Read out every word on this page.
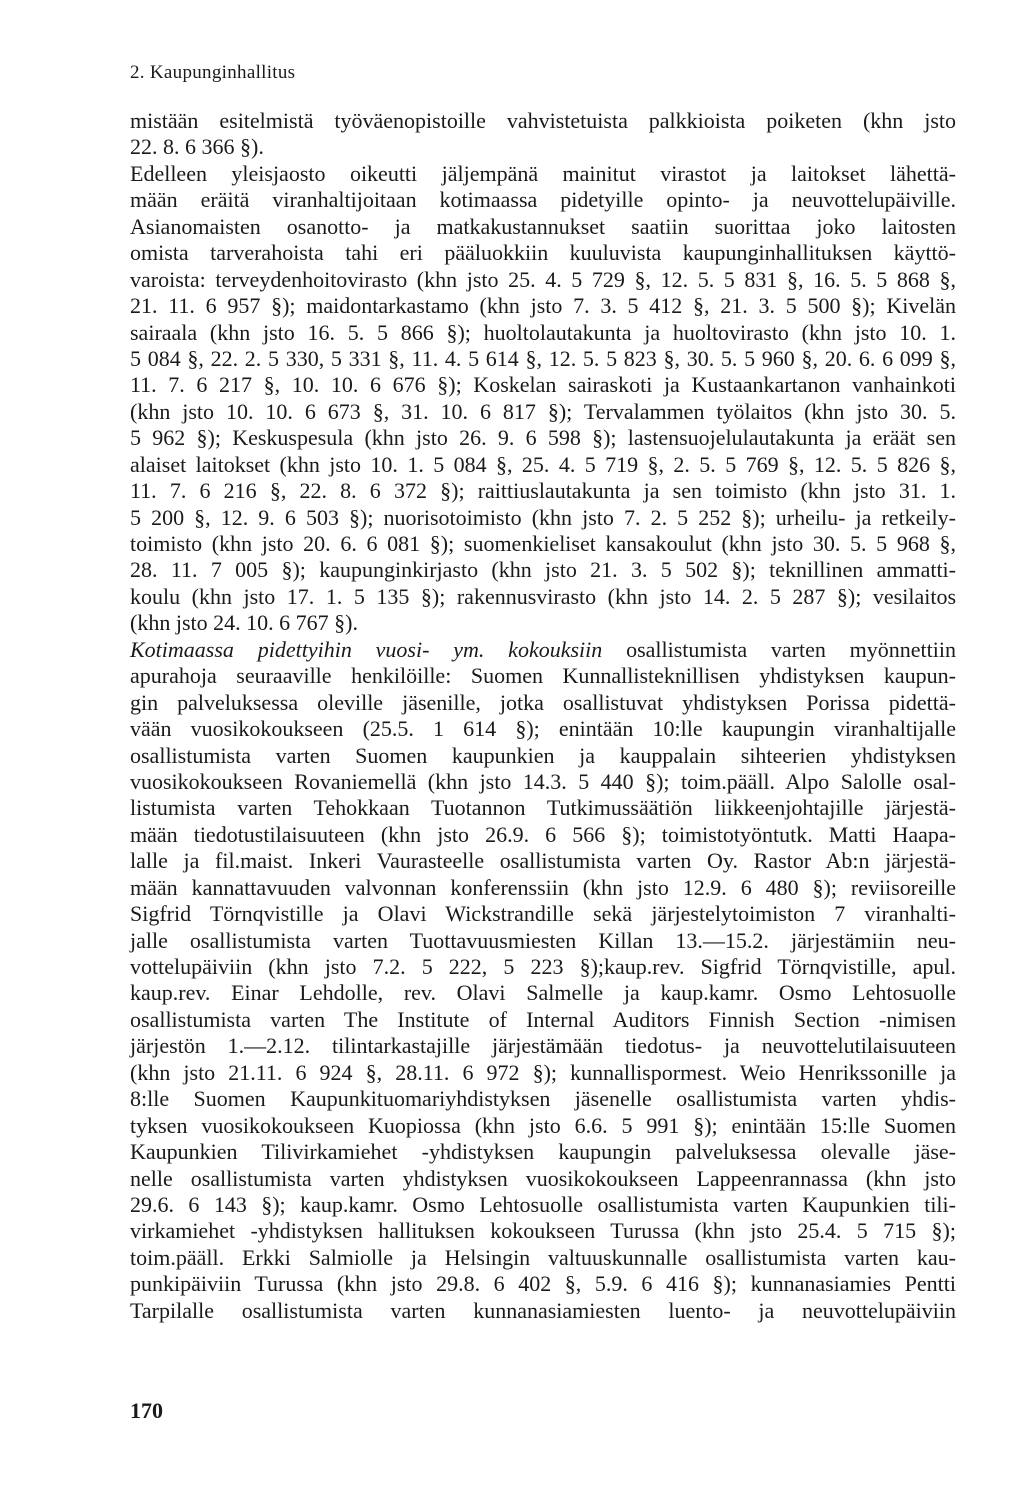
2. Kaupunginhallitus
mistään esitelmistä työväenopistoille vahvistetuista palkkioista poiketen (khn jsto
22. 8. 6 366 §).
Edelleen yleisjaosto oikeutti jäljempänä mainitut virastot ja laitokset lähettä-
mään eräitä viranhaltijoitaan kotimaassa pidetyille opinto- ja neuvottelupäiville.
Asianomaisten osanotto- ja matkakustannukset saatiin suorittaa joko laitosten
omista tarverahoista tahi eri pääluokkiin kuuluvista kaupunginhallituksen käyttö-
varoista: terveydenhoitovirasto (khn jsto 25. 4. 5 729 §, 12. 5. 5 831 §, 16. 5. 5 868 §,
21. 11. 6 957 §); maidontarkastamo (khn jsto 7. 3. 5 412 §, 21. 3. 5 500 §); Kivelän
sairaala (khn jsto 16. 5. 5 866 §); huoltolautakunta ja huoltovirasto (khn jsto 10. 1.
5 084 §, 22. 2. 5 330, 5 331 §, 11. 4. 5 614 §, 12. 5. 5 823 §, 30. 5. 5 960 §, 20. 6. 6 099 §,
11. 7. 6 217 §, 10. 10. 6 676 §); Koskelan sairaskoti ja Kustaankartanon vanhainkoti
(khn jsto 10. 10. 6 673 §, 31. 10. 6 817 §); Tervalammen työlaitos (khn jsto 30. 5.
5 962 §); Keskuspesula (khn jsto 26. 9. 6 598 §); lastensuojelulautakunta ja eräät sen
alaiset laitokset (khn jsto 10. 1. 5 084 §, 25. 4. 5 719 §, 2. 5. 5 769 §, 12. 5. 5 826 §,
11. 7. 6 216 §, 22. 8. 6 372 §); raittiuslautakunta ja sen toimisto (khn jsto 31. 1.
5 200 §, 12. 9. 6 503 §); nuorisotoimisto (khn jsto 7. 2. 5 252 §); urheilu- ja retkeily-
toimisto (khn jsto 20. 6. 6 081 §); suomenkieliset kansakoulut (khn jsto 30. 5. 5 968 §,
28. 11. 7 005 §); kaupunginkirjasto (khn jsto 21. 3. 5 502 §); teknillinen ammatti-
koulu (khn jsto 17. 1. 5 135 §); rakennusvirasto (khn jsto 14. 2. 5 287 §); vesilaitos
(khn jsto 24. 10. 6 767 §).
Kotimaassa pidettyihin vuosi- ym. kokouksiin osallistumista varten myönnettiin
apurahoja seuraaville henkilöille: Suomen Kunnallisteknillisen yhdistyksen kaupun-
gin palveluksessa oleville jäsenille, jotka osallistuvat yhdistyksen Porissa pidettä-
vään vuosikokoukseen (25.5. 1 614 §); enintään 10:lle kaupungin viranhaltijalle
osallistumista varten Suomen kaupunkien ja kauppalain sihteerien yhdistyksen
vuosikokoukseen Rovaniemellä (khn jsto 14.3. 5 440 §); toim.pääll. Alpo Salolle osal-
listumista varten Tehokkaan Tuotannon Tutkimussäätiön liikkeenjohtajille järjestä-
mään tiedotustilaisuuteen (khn jsto 26.9. 6 566 §); toimistotyöntutk. Matti Haapa-
lalle ja fil.maist. Inkeri Vaurasteelle osallistumista varten Oy. Rastor Ab:n järjestä-
mään kannattavuuden valvonnan konferenssiin (khn jsto 12.9. 6 480 §); reviisoreille
Sigfrid Törnqvistille ja Olavi Wickstrandille sekä järjestelytoimiston 7 viranhalti-
jalle osallistumista varten Tuottavuusmiesten Killan 13.—15.2. järjestämiin neu-
vottelupäiviin (khn jsto 7.2. 5 222, 5 223 §);kaup.rev. Sigfrid Törnqvistille, apul.
kaup.rev. Einar Lehdolle, rev. Olavi Salmelle ja kaup.kamr. Osmo Lehtosuolle
osallistumista varten The Institute of Internal Auditors Finnish Section -nimisen
järjestön 1.—2.12. tilintarkastajille järjestämään tiedotus- ja neuvottelutilaisuuteen
(khn jsto 21.11. 6 924 §, 28.11. 6 972 §); kunnallispormest. Weio Henrikssonille ja
8:lle Suomen Kaupunkituomariyhdistyksen jäsenelle osallistumista varten yhdis-
tyksen vuosikokoukseen Kuopiossa (khn jsto 6.6. 5 991 §); enintään 15:lle Suomen
Kaupunkien Tilivirkamiehet -yhdistyksen kaupungin palveluksessa olevalle jäse-
nelle osallistumista varten yhdistyksen vuosikokoukseen Lappeenrannassa (khn jsto
29.6. 6 143 §); kaup.kamr. Osmo Lehtosuolle osallistumista varten Kaupunkien tili-
virkamiehet -yhdistyksen hallituksen kokoukseen Turussa (khn jsto 25.4. 5 715 §);
toim.pääll. Erkki Salmiolle ja Helsingin valtuuskunnalle osallistumista varten kau-
punkipäiviin Turussa (khn jsto 29.8. 6 402 §, 5.9. 6 416 §); kunnanasiamies Pentti
Tarpilalle osallistumista varten kunnanasiamiesten luento- ja neuvottelupäiviin
170
